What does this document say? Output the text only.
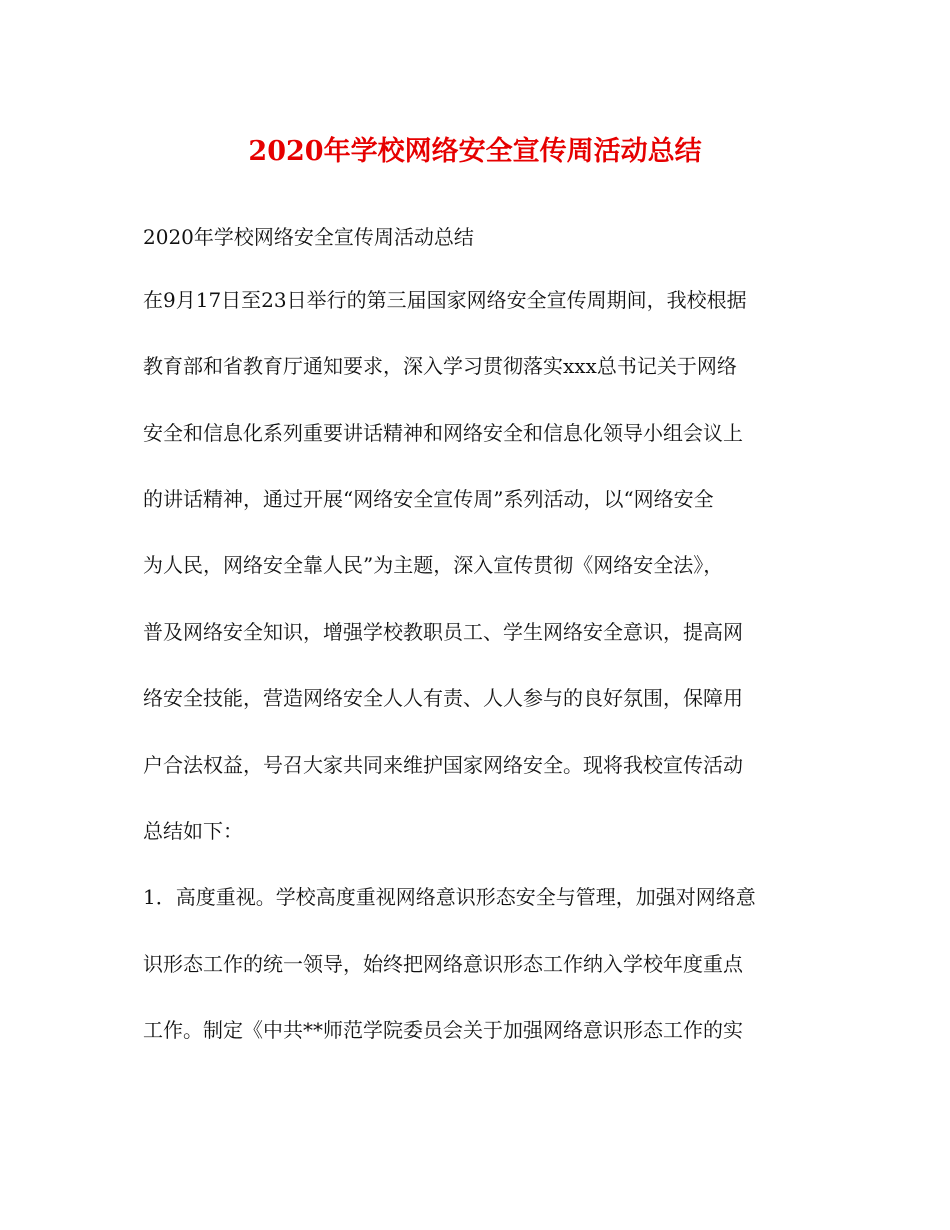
2020年学校网络安全宣传周活动总结

2020年学校网络安全宣传周活动总结

在9月17日至23日举行的第三届国家网络安全宣传周期间，我校根据

教育部和省教育厅通知要求，深入学习贯彻落实xxx总书记关于网络

安全和信息化系列重要讲话精神和网络安全和信息化领导小组会议上

的讲话精神，通过开展“网络安全宣传周”系列活动，以“网络安全

为人民，网络安全靠人民”为主题，深入宣传贯彻《网络安全法》，

普及网络安全知识，增强学校教职员工、学生网络安全意识，提高网

络安全技能，营造网络安全人人有责、人人参与的良好氛围，保障用

户合法权益，号召大家共同来维护国家网络安全。现将我校宣传活动

总结如下：

1．高度重视。学校高度重视网络意识形态安全与管理，加强对网络意

识形态工作的统一领导，始终把网络意识形态工作纳入学校年度重点

工作。制定《中共**师范学院委员会关于加强网络意识形态工作的实
